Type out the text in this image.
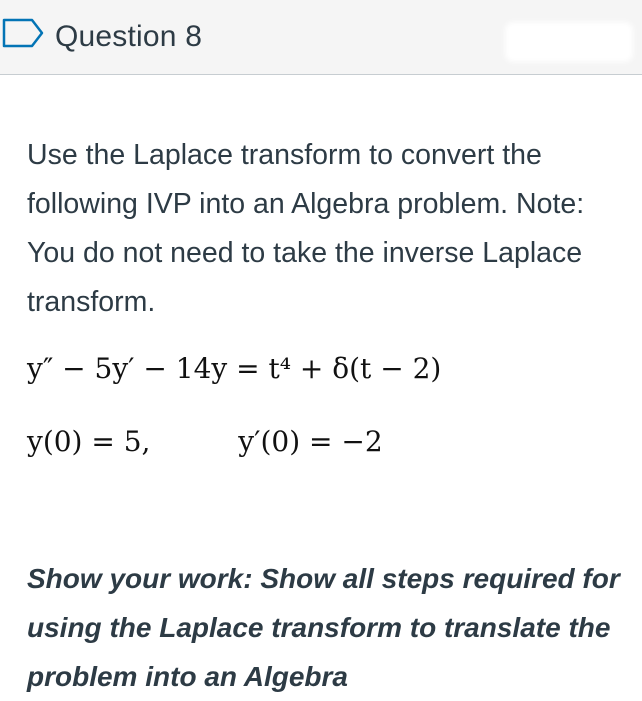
Question 8
Use the Laplace transform to convert the following IVP into an Algebra problem. Note: You do not need to take the inverse Laplace transform.
y″ − 5y′ − 14y = t⁴ + δ(t − 2)
y(0) = 5,	y′(0) = −2
Show your work: Show all steps required for using the Laplace transform to translate the problem into an Algebra
